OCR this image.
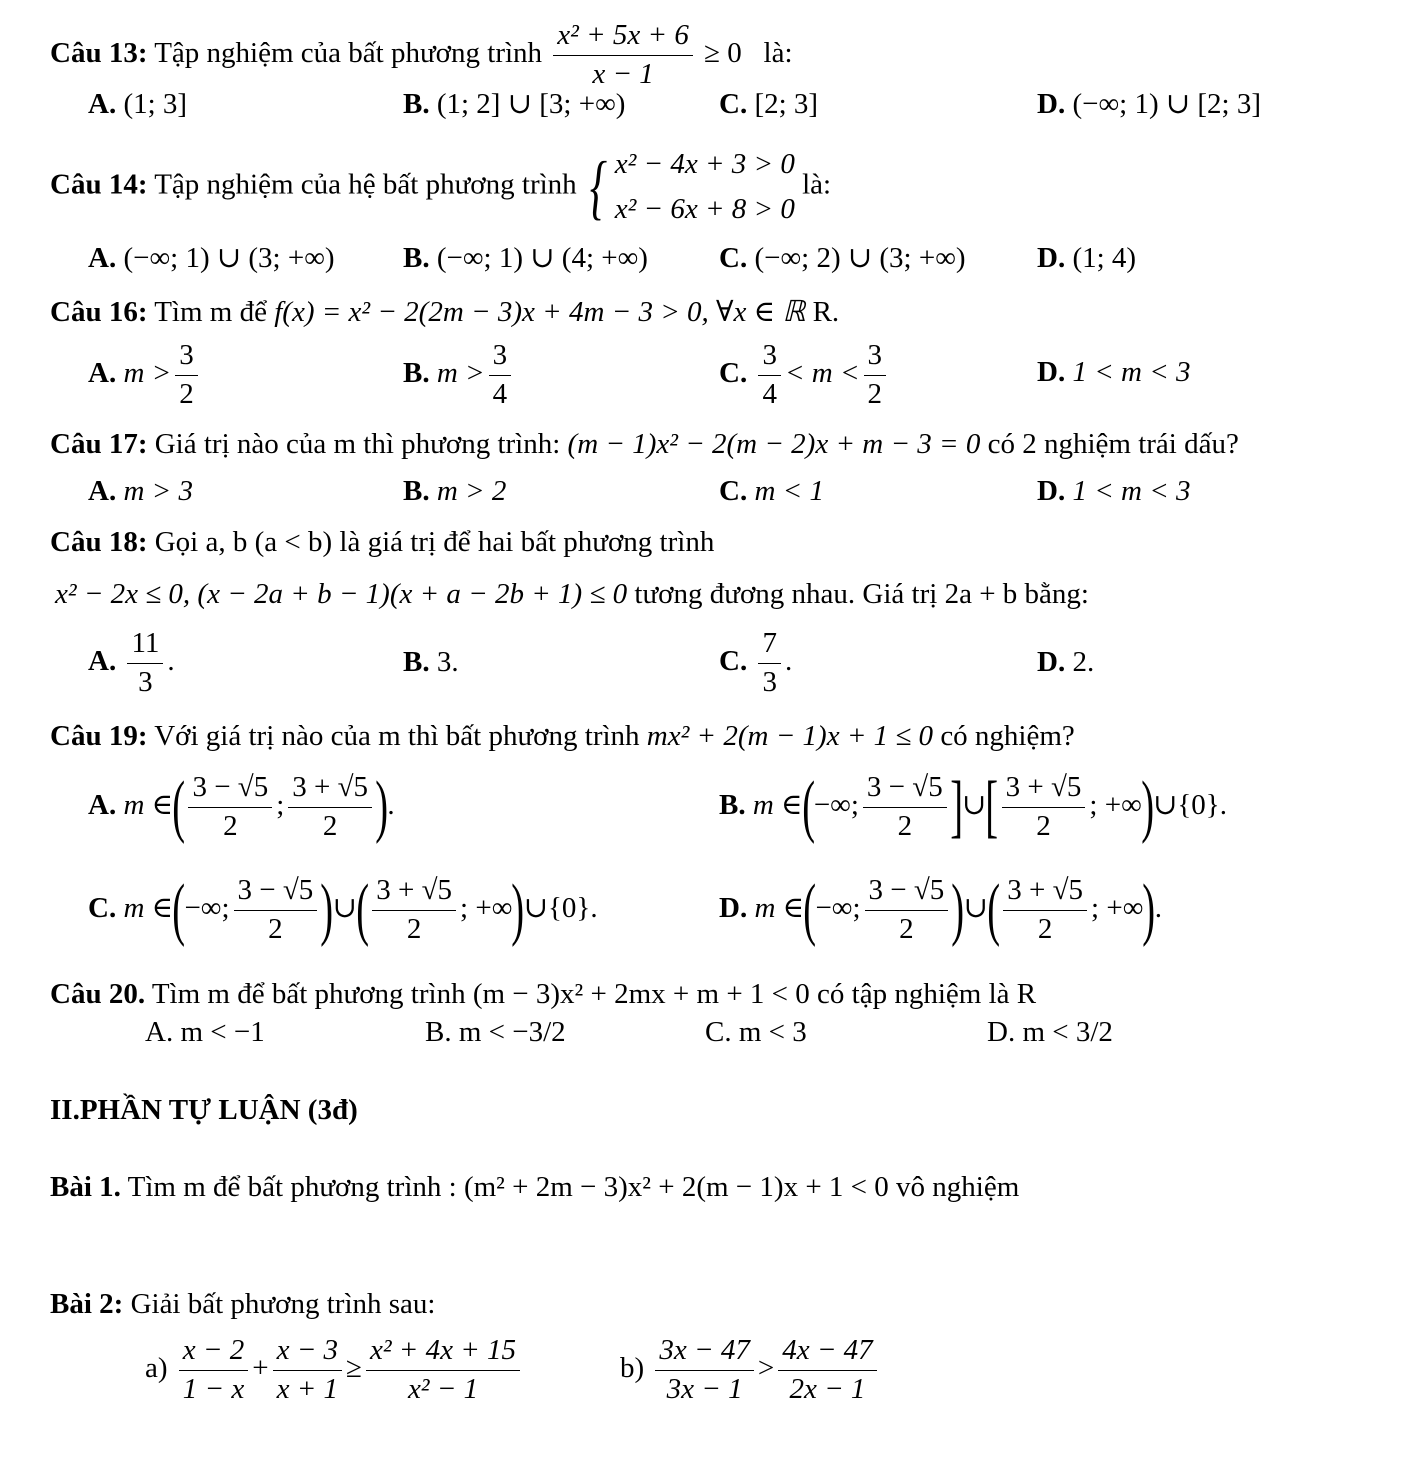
Câu 13: Tập nghiệm của bất phương trình $\frac{\text{x² + 5x + 6}}{x - 1} \ge 0$ là:
A. (1; 3]	B. (1; 2] ∪ [3; +∞)	C. [2; 3]	D. (−∞; 1) ∪ [2; 3]
Câu 14: Tập nghiệm của hệ bất phương trình { x² − 4x + 3 > 0
x² − 6x + 8 > 0
là:
A. (−∞; 1) ∪ (3; +∞) B. (−∞; 1) ∪ (4; +∞) C. (−∞; 2) ∪ (3; +∞) D. (1; 4)
Câu 16: Tìm m để f(x) = x² − 2(2m − 3)x + 4m − 3 > 0, ∀x ∈ ℝ R.
A. $m > \frac{3}{2}$	B. $m > \frac{3}{4}$	C. $\frac{3}{4} < m < \frac{3}{2}$	D. 1 < m < 3
Câu 17: Giá trị nào của m thì phương trình: (m − 1)x² − 2(m − 2)x + m − 3 = 0 có 2 nghiệm trái dấu?
A. m > 3	B. m > 2	C. m < 1	D. 1 < m < 3
Câu 18: Gọi a, b (a < b) là giá trị để hai bất phương trình
x² − 2x ≤ 0, (x − 2a + b − 1)(x + a − 2b + 1) ≤ 0 tương đương nhau. Giá trị 2a + b bằng:
A. $\frac{11}{3}$ .	B. 3.	C. $\frac{7}{3}$ .	D. 2.
Câu 19: Với giá trị nào của m thì bất phương trình mx² + 2(m − 1)x + 1 ≤ 0 có nghiệm?
A. m ∈( $\frac{3 - √5}{2}$ ; $\frac{3 + √5}{2}$ ).	B. m ∈(−∞; $\frac{3 - √5}{2}$ ]∪[ $\frac{3 + √5}{2}$ ; +∞)∪{0}.
C. m ∈(−∞; $\frac{3 - √5}{2}$ )∪( $\frac{3 + √5}{2}$ ; +∞)∪{0}.	D. m ∈(−∞; $\frac{3 - √5}{2}$ )∪( $\frac{3 + √5}{2}$ ; +∞).
Câu 20. Tìm m để bất phương trình (m − 3)x² + 2mx + m + 1 < 0 có tập nghiệm là R
A. m < −1	B. m < −3/2	C. m < 3	D. m < 3/2
II.PHẦN TỰ LUẬN (3đ)
Bài 1. Tìm m để bất phương trình : (m² + 2m − 3)x² + 2(m − 1)x + 1 < 0 vô nghiệm
Bài 2: Giải bất phương trình sau:
$a) \frac{x - 2}{1 - x} + \frac{x - 3}{x + 1} \ge \frac{\text{x² + 4x + 15}}{\text{x² − 1}}$	$b) \frac{3x - 47}{3x - 1} > \frac{4x - 47}{2x - 1}$
